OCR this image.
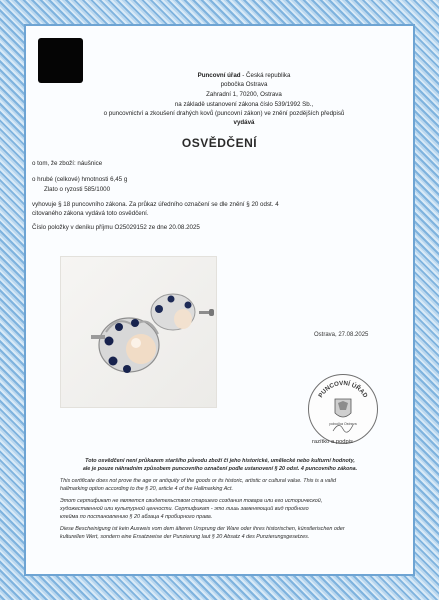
Puncovní úřad - Česká republika
pobočka Ostrava
Zahradní 1, 70200, Ostrava
na základě ustanovení zákona číslo 539/1992 Sb.,
o puncovnictví a zkoušení drahých kovů (puncovní zákon) ve znění pozdějších předpisů
vydává
OSVĚDČENÍ
o tom, že zboží: náušnice
o hrubé (celkové) hmotnosti 6,45 g
Zlato o ryzosti 585/1000
vyhovuje § 18 puncovního zákona. Za průkaz úředního označení se dle znění § 20 odst. 4
citovaného zákona vydává toto osvědčení.
Číslo položky v deníku příjmu O25029152 ze dne 20.08.2025
Ostrava, 27.08.2025
PUNCOVNÍ ÚŘAD
pobočka Ostrava
razítko a podpis
Toto osvědčení není průkazem staršího původu zboží či jeho historické, umělecké nebo kulturní hodnoty,
ale je pouze náhradním způsobem puncovního označení podle ustanovení § 20 odst. 4 puncovního zákona.
This certificate does not prove the age or antiquity of the goods or its historic, artistic or cultural value. This is a valid
hallmarking option according to the § 20, article 4 of the Hallmarking Act.
Этот сертификат не является свидетельством старшего создания товара или его исторической,
художественной или культурной ценности. Сертификат - это лишь заменяющий вид пробного
клейма по постановлению § 20 абзаца 4 пробирного права.
Diese Bescheinigung ist kein Ausweis vom dem älteren Ursprung der Ware oder ihres historischen, künstlerischen oder
kulturellen Wert, sondern eine Ersatzweise der Punzierung laut § 20 Absatz 4 des Punzierungsgesetzes.
